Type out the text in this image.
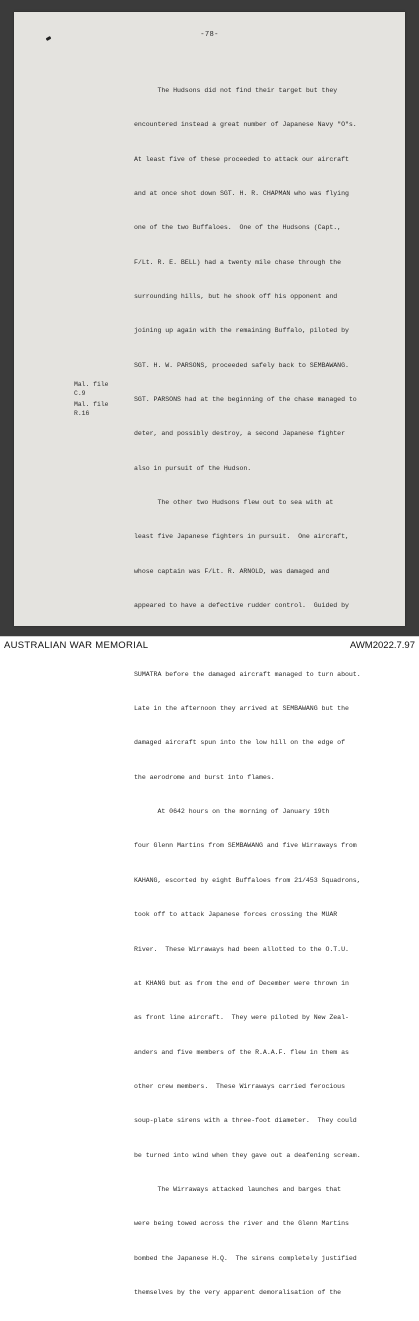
-78-

The Hudsons did not find their target but they

encountered instead a great number of Japanese Navy "O"s.

At least five of these proceeded to attack our aircraft

and at once shot down SGT. H. R. CHAPMAN who was flying

one of the two Buffaloes.  One of the Hudsons (Capt.,

F/Lt. R. E. BELL) had a twenty mile chase through the

surrounding hills, but he shook off his opponent and

joining up again with the remaining Buffalo, piloted by

SGT. H. W. PARSONS, proceeded safely back to SEMBAWANG.

SGT. PARSONS had at the beginning of the chase managed to

deter, and possibly destroy, a second Japanese fighter

also in pursuit of the Hudson.

The other two Hudsons flew out to sea with at

least five Japanese fighters in pursuit.  One aircraft,

whose captain was F/Lt. R. ARNOLD, was damaged and

appeared to have a defective rudder control.  Guided by

SUMATRA before the damaged aircraft managed to turn about.

Late in the afternoon they arrived at SEMBAWANG but the

damaged aircraft spun into the low hill on the edge of

the aerodrome and burst into flames.

At 0642 hours on the morning of January 19th

four Glenn Martins from SEMBAWANG and five Wirraways from

KAHANG, escorted by eight Buffaloes from 21/453 Squadrons,

took off to attack Japanese forces crossing the MUAR

River.  These Wirraways had been allotted to the O.T.U.

at KHANG but as from the end of December were thrown in

as front line aircraft.  They were piloted by New Zeal-

anders and five members of the R.A.A.F. flew in them as

other crew members.  These Wirraways carried ferocious

soup-plate sirens with a three-foot diameter.  They could

be turned into wind when they gave out a deafening scream.

The Wirraways attacked launches and barges that

were being towed across the river and the Glenn Martins

bombed the Japanese H.Q.  The sirens completely justified

themselves by the very apparent demoralisation of the

Mal. file
C.9
Mal. file
R.16
AUSTRALIAN WAR MEMORIAL	AWM2022.7.97
